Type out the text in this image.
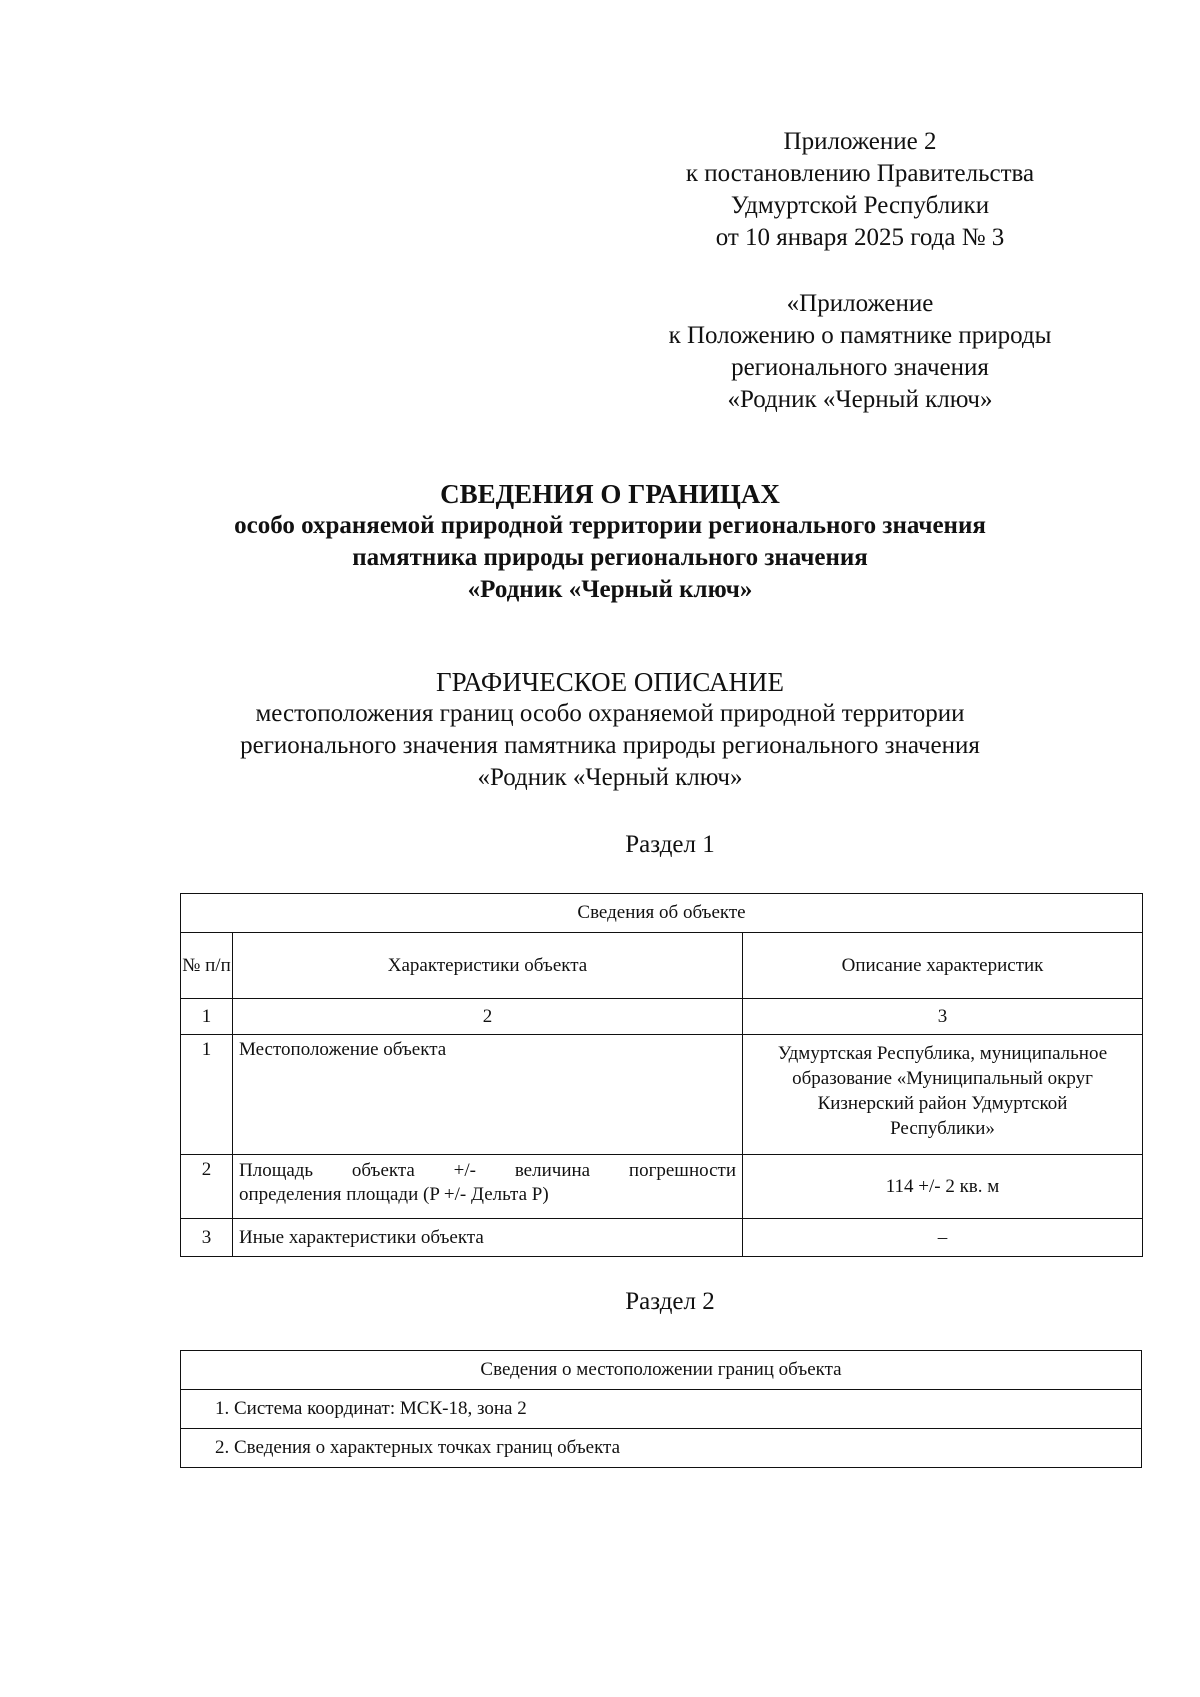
Приложение 2
к постановлению Правительства
Удмуртской Республики
от 10 января 2025 года № 3
«Приложение
к Положению о памятнике природы
регионального значения
«Родник «Черный ключ»
СВЕДЕНИЯ О ГРАНИЦАХ
особо охраняемой природной территории регионального значения
памятника природы регионального значения
«Родник «Черный ключ»
ГРАФИЧЕСКОЕ ОПИСАНИЕ
местоположения границ особо охраняемой природной территории
регионального значения памятника природы регионального значения
«Родник «Черный ключ»
Раздел 1
Сведения об объекте		
№ п/п	Характеристики объекта	Описание характеристик
1	2	3
1	Местоположение объекта	Удмуртская Республика, муниципальное
образование «Муниципальный округ
Кизнерский район Удмуртской
Республики»

2	Площадь объекта +/- величина погрешности
определения площади (P +/- Дельта P)	114 +/- 2 кв. м
3	Иные характеристики объекта	–
Раздел 2
Сведения о местоположении границ объекта
1. Система координат: МСК-18, зона 2
2. Сведения о характерных точках границ объекта
